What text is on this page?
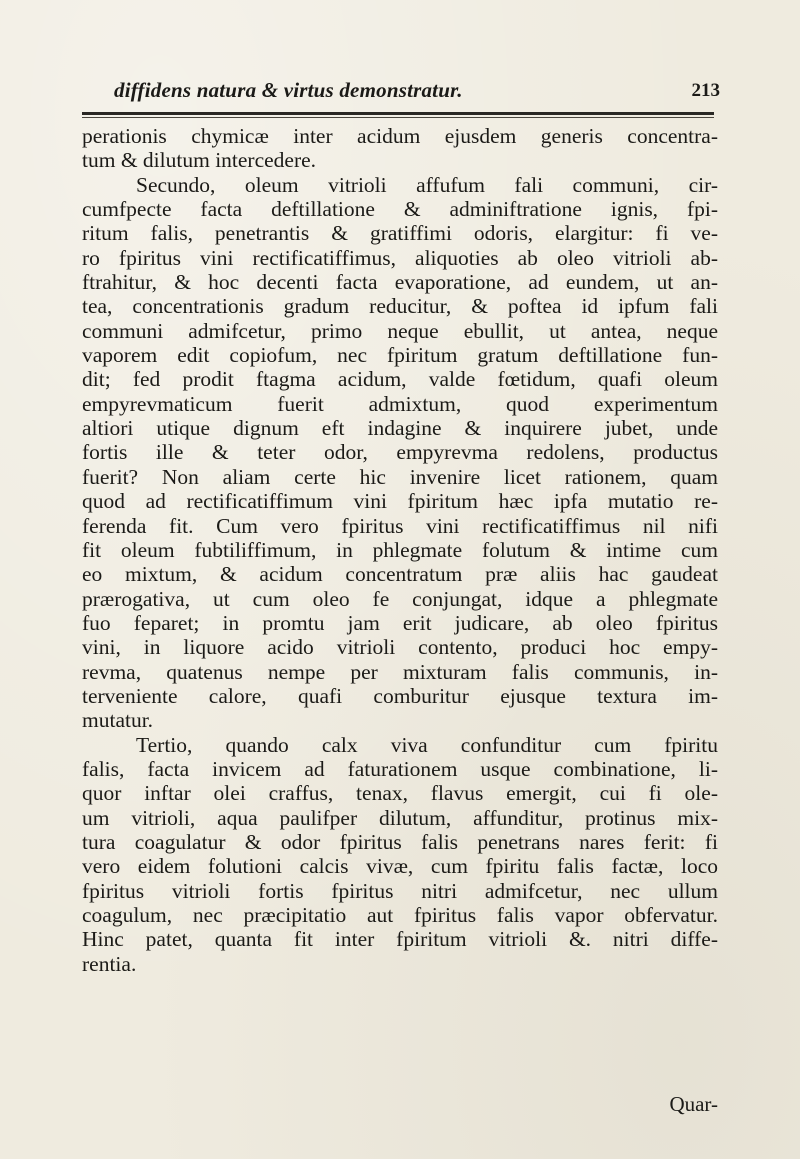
diffidens natura & virtus demonstratur.	213
perationis chymicæ inter acidum ejusdem generis concentra-
tum & dilutum intercedere.
Secundo, oleum vitrioli affufum fali communi, cir-
cumfpecte facta deftillatione & adminiftratione ignis, fpi-
ritum falis, penetrantis & gratiffimi odoris, elargitur: fi ve-
ro fpiritus vini rectificatiffimus, aliquoties ab oleo vitrioli ab-
ftrahitur, & hoc decenti facta evaporatione, ad eundem, ut an-
tea, concentrationis gradum reducitur, & poftea id ipfum fali
communi admifcetur, primo neque ebullit, ut antea, neque
vaporem edit copiofum, nec fpiritum gratum deftillatione fun-
dit; fed prodit ftagma acidum, valde fœtidum, quafi oleum
empyrevmaticum fuerit admixtum, quod experimentum
altiori utique dignum eft indagine & inquirere jubet, unde
fortis ille & teter odor, empyrevma redolens, productus
fuerit? Non aliam certe hic invenire licet rationem, quam
quod ad rectificatiffimum vini fpiritum hæc ipfa mutatio re-
ferenda fit. Cum vero fpiritus vini rectificatiffimus nil nifi
fit oleum fubtiliffimum, in phlegmate folutum & intime cum
eo mixtum, & acidum concentratum præ aliis hac gaudeat
prærogativa, ut cum oleo fe conjungat, idque a phlegmate
fuo feparet; in promtu jam erit judicare, ab oleo fpiritus
vini, in liquore acido vitrioli contento, produci hoc empy-
revma, quatenus nempe per mixturam falis communis, in-
terveniente calore, quafi comburitur ejusque textura im-
mutatur.
Tertio, quando calx viva confunditur cum fpiritu
falis, facta invicem ad faturationem usque combinatione, li-
quor inftar olei craffus, tenax, flavus emergit, cui fi ole-
um vitrioli, aqua paulifper dilutum, affunditur, protinus mix-
tura coagulatur & odor fpiritus falis penetrans nares ferit: fi
vero eidem folutioni calcis vivæ, cum fpiritu falis factæ, loco
fpiritus vitrioli fortis fpiritus nitri admifcetur, nec ullum
coagulum, nec præcipitatio aut fpiritus falis vapor obfervatur.
Hinc patet, quanta fit inter fpiritum vitrioli &. nitri diffe-
rentia.
Quar-
